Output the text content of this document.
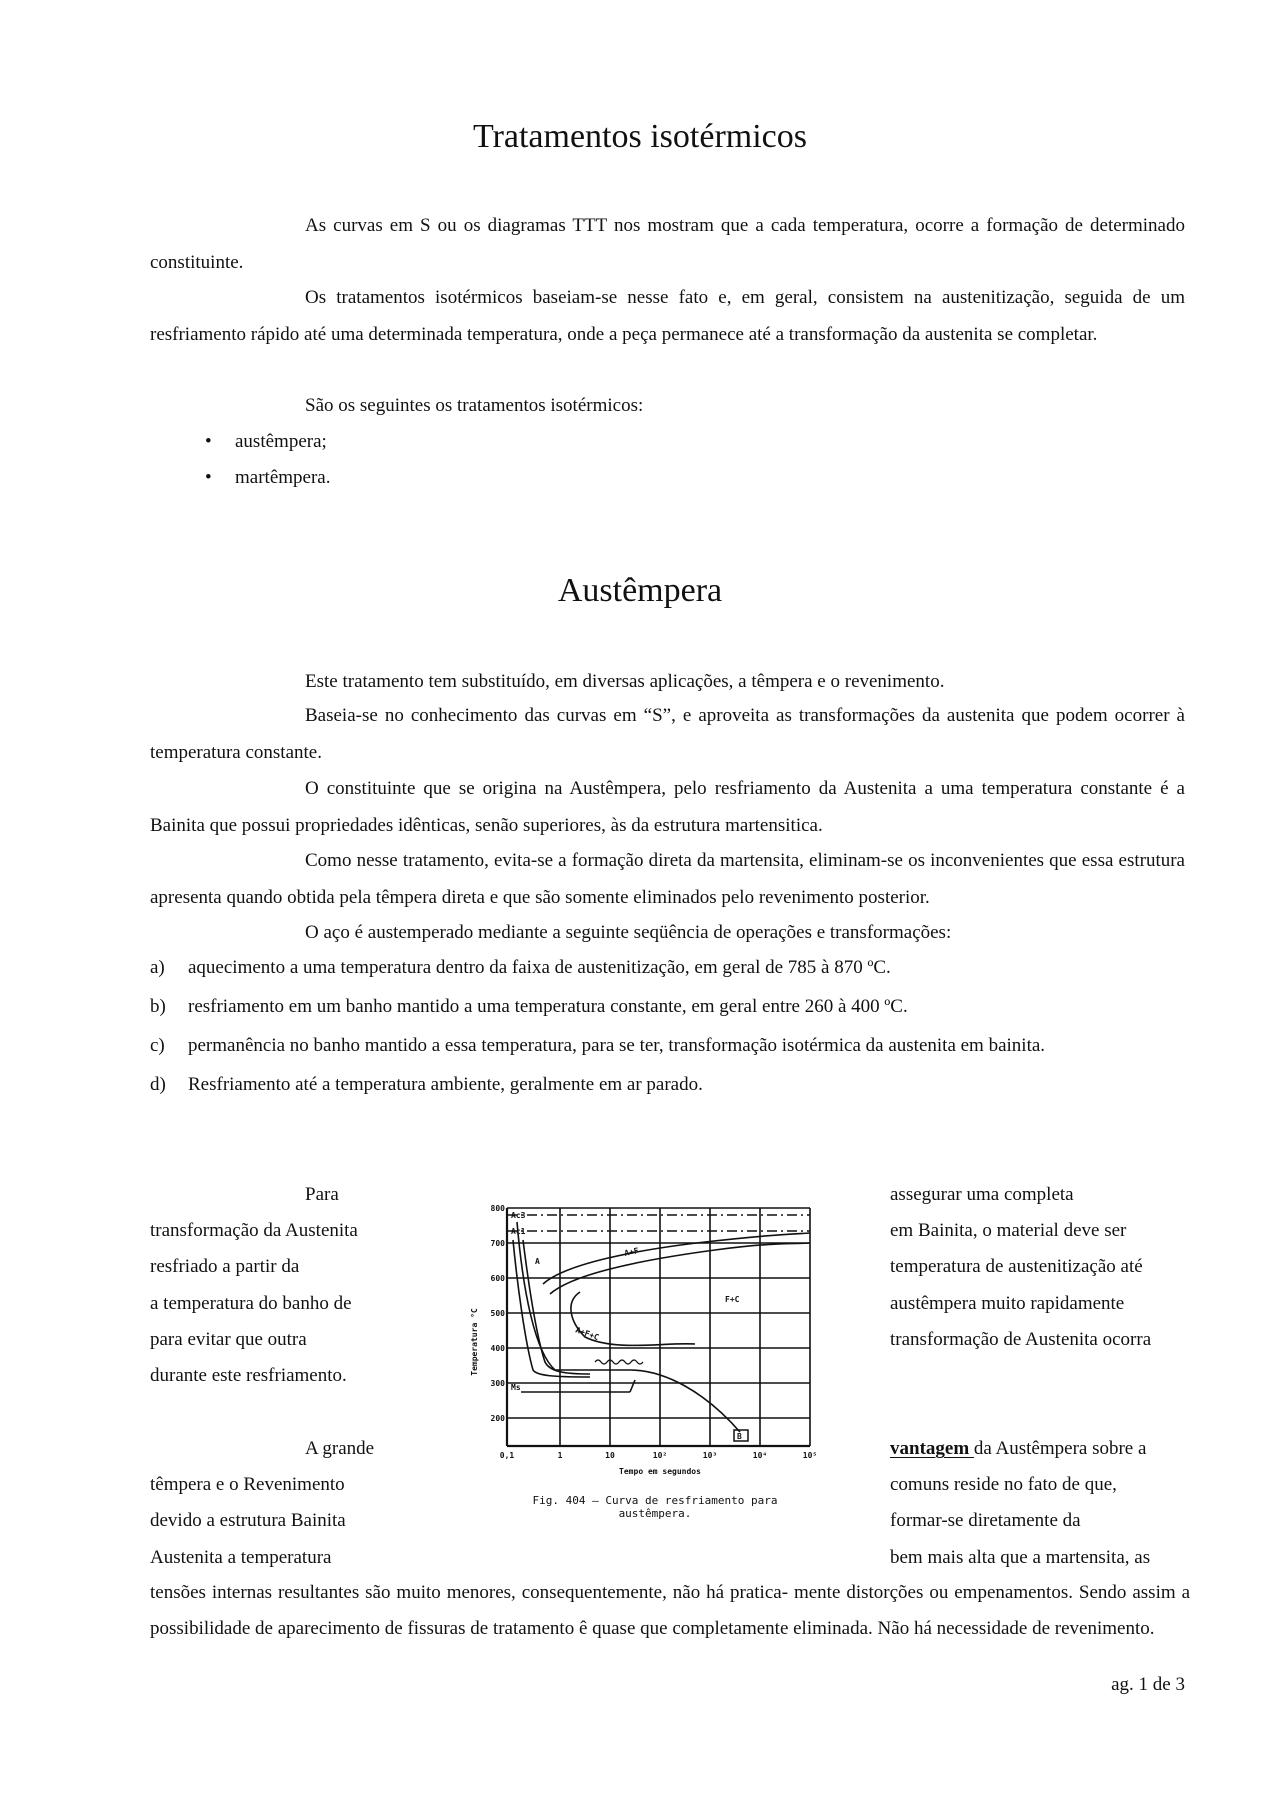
Tratamentos isotérmicos

As curvas em S ou os diagramas TTT nos mostram que a cada temperatura, ocorre a formação de determinado constituinte.

Os tratamentos isotérmicos baseiam-se nesse fato e, em geral, consistem na austenitização, seguida de um resfriamento rápido até uma determinada temperatura, onde a peça permanece até a transformação da austenita se completar.

São os seguintes os tratamentos isotérmicos:

• austêmpera;
• martêmpera.
Austêmpera

Este tratamento tem substituído, em diversas aplicações, a têmpera e o revenimento.

Baseia-se no conhecimento das curvas em “S”, e aproveita as transformações da austenita que podem ocorrer à temperatura constante.

O constituinte que se origina na Austêmpera, pelo resfriamento da Austenita a uma temperatura constante é a Bainita que possui propriedades idênticas, senão superiores, às da estrutura martensitica.

Como nesse tratamento, evita-se a formação direta da martensita, eliminam-se os inconvenientes que essa estrutura apresenta quando obtida pela têmpera direta e que são somente eliminados pelo revenimento posterior.

O aço é austemperado mediante a seguinte seqüência de operações e transformações:

a)	aquecimento a uma temperatura dentro da faixa de austenitização, em geral de 785 à 870 ºC.
b)	resfriamento em um banho mantido a uma temperatura constante, em geral entre 260 à 400 ºC.
c)	permanência no banho mantido a essa temperatura, para se ter, transformação isotérmica da austenita em bainita.
d)	Resfriamento até a temperatura ambiente, geralmente em ar parado.

Para

transformação da Austenita

resfriado a partir da

a temperatura do banho de

para evitar que outra

durante este resfriamento.

assegurar uma completa

em Bainita, o material deve ser

temperatura de austenitização até

austêmpera muito rapidamente

transformação de Austenita ocorra

A grande

têmpera e o Revenimento

devido a estrutura Bainita

Austenita a temperatura

vantagem da Austêmpera sobre a

comuns reside no fato de que,

formar-se diretamente da

bem mais alta que a martensita, as

tensões internas resultantes são muito menores, consequentemente, não há pratica- mente distorções ou empenamentos. Sendo assim a possibilidade de aparecimento de fissuras de tratamento ê quase que completamente eliminada. Não há necessidade de revenimento.

Ac3
Ac1
A
A+F
F+C
A+F+C
Ms
B
800
700
600
500
400
300
200
0,1	1	10	10²	10³	10⁴	10⁵
Temperatura °C
Tempo em segundos
Fig. 404 — Curva de resfriamento para
austêmpera.
ag. 1 de 3
